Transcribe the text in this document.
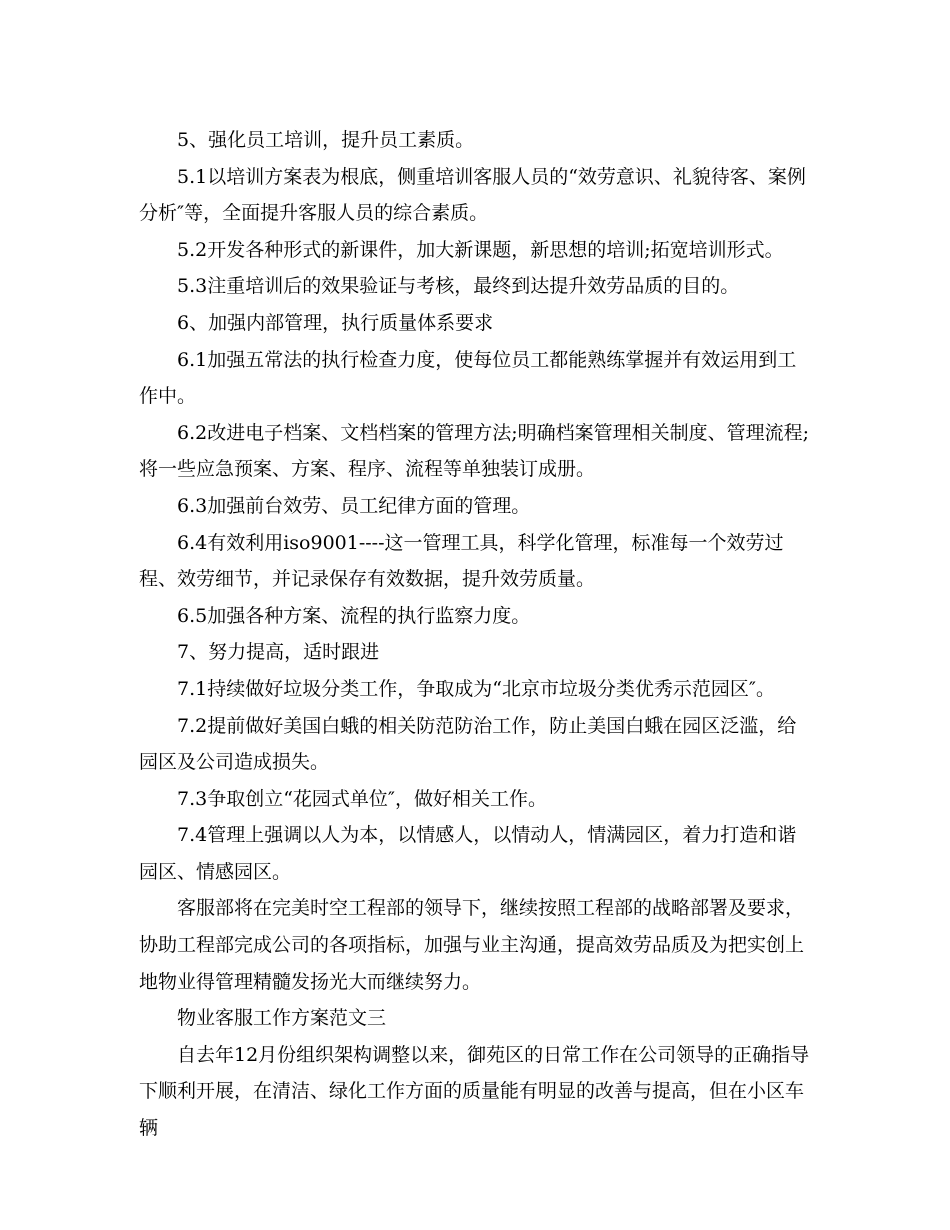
5、强化员工培训，提升员工素质。

5.1以培训方案表为根底，侧重培训客服人员的“效劳意识、礼貌待客、案例分析″等，全面提升客服人员的综合素质。

5.2开发各种形式的新课件，加大新课题，新思想的培训;拓宽培训形式。

5.3注重培训后的效果验证与考核，最终到达提升效劳品质的目的。

6、加强内部管理，执行质量体系要求

6.1加强五常法的执行检查力度，使每位员工都能熟练掌握并有效运用到工作中。

6.2改进电子档案、文档档案的管理方法;明确档案管理相关制度、管理流程;将一些应急预案、方案、程序、流程等单独装订成册。

6.3加强前台效劳、员工纪律方面的管理。

6.4有效利用iso9001----这一管理工具，科学化管理，标准每一个效劳过程、效劳细节，并记录保存有效数据，提升效劳质量。

6.5加强各种方案、流程的执行监察力度。

7、努力提高，适时跟进

7.1持续做好垃圾分类工作，争取成为“北京市垃圾分类优秀示范园区″。

7.2提前做好美国白蛾的相关防范防治工作，防止美国白蛾在园区泛滥，给园区及公司造成损失。

7.3争取创立“花园式单位″，做好相关工作。

7.4管理上强调以人为本，以情感人，以情动人，情满园区，着力打造和谐园区、情感园区。

客服部将在完美时空工程部的领导下，继续按照工程部的战略部署及要求，协助工程部完成公司的各项指标，加强与业主沟通，提高效劳品质及为把实创上地物业得管理精髓发扬光大而继续努力。

物业客服工作方案范文三

自去年12月份组织架构调整以来，御苑区的日常工作在公司领导的正确指导下顺利开展，在清洁、绿化工作方面的质量能有明显的改善与提高，但在小区车辆
